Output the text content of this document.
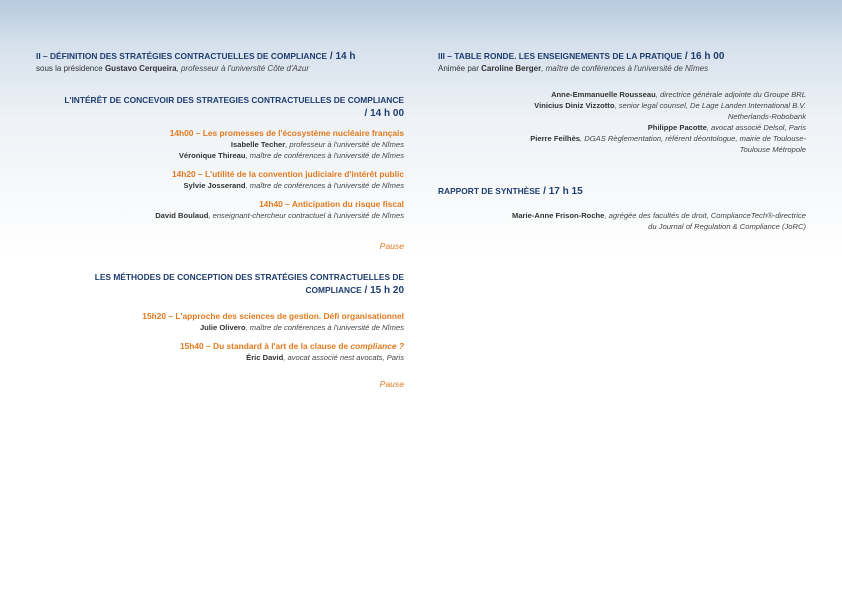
II – DÉFINITION DES STRATÉGIES CONTRACTUELLES DE COMPLIANCE / 14 h
sous la présidence Gustavo Cerqueira, professeur à l'université Côte d'Azur
L'INTÉRÊT DE CONCEVOIR DES STRATEGIES CONTRACTUELLES DE COMPLIANCE
/ 14 h 00
14h00 – Les promesses de l'écosystème nucléaire français
Isabelle Techer, professeur à l'université de Nîmes
Véronique Thireau, maître de conférences à l'université de Nîmes
14h20 – L'utilité de la convention judiciaire d'intérêt public
Sylvie Josserand, maître de conférences à l'université de Nîmes
14h40 – Anticipation du risque fiscal
David Boulaud, enseignant-chercheur contractuel à l'université de Nîmes
Pause
LES MÉTHODES DE CONCEPTION DES STRATÉGIES CONTRACTUELLES DE
COMPLIANCE / 15 h 20
15h20 – L'approche des sciences de gestion. Défi organisationnel
Julie Olivero, maître de conférences à l'université de Nîmes
15h40 – Du standard à l'art de la clause de compliance ?
Éric David, avocat associé nest avocats, Paris
Pause
III – TABLE RONDE. LES ENSEIGNEMENTS DE LA PRATIQUE / 16 h 00
Animée par Caroline Berger, maître de conférences à l'université de Nîmes
Anne-Emmanuelle Rousseau, directrice générale adjointe du Groupe BRL
Vinicius Diniz Vizzotto, senior legal counsel, De Lage Landen International B.V.
Netherlands-Robobank
Philippe Pacotte, avocat associé Delsol, Paris
Pierre Feilhès, DGAS Règlementation, référent déontologue, mairie de Toulouse-
Toulouse Métropole
RAPPORT DE SYNTHÈSE / 17 h 15
Marie-Anne Frison-Roche, agrégée des facultés de droit, ComplianceTech®-directrice
du Journal of Regulation & Compliance (JoRC)
